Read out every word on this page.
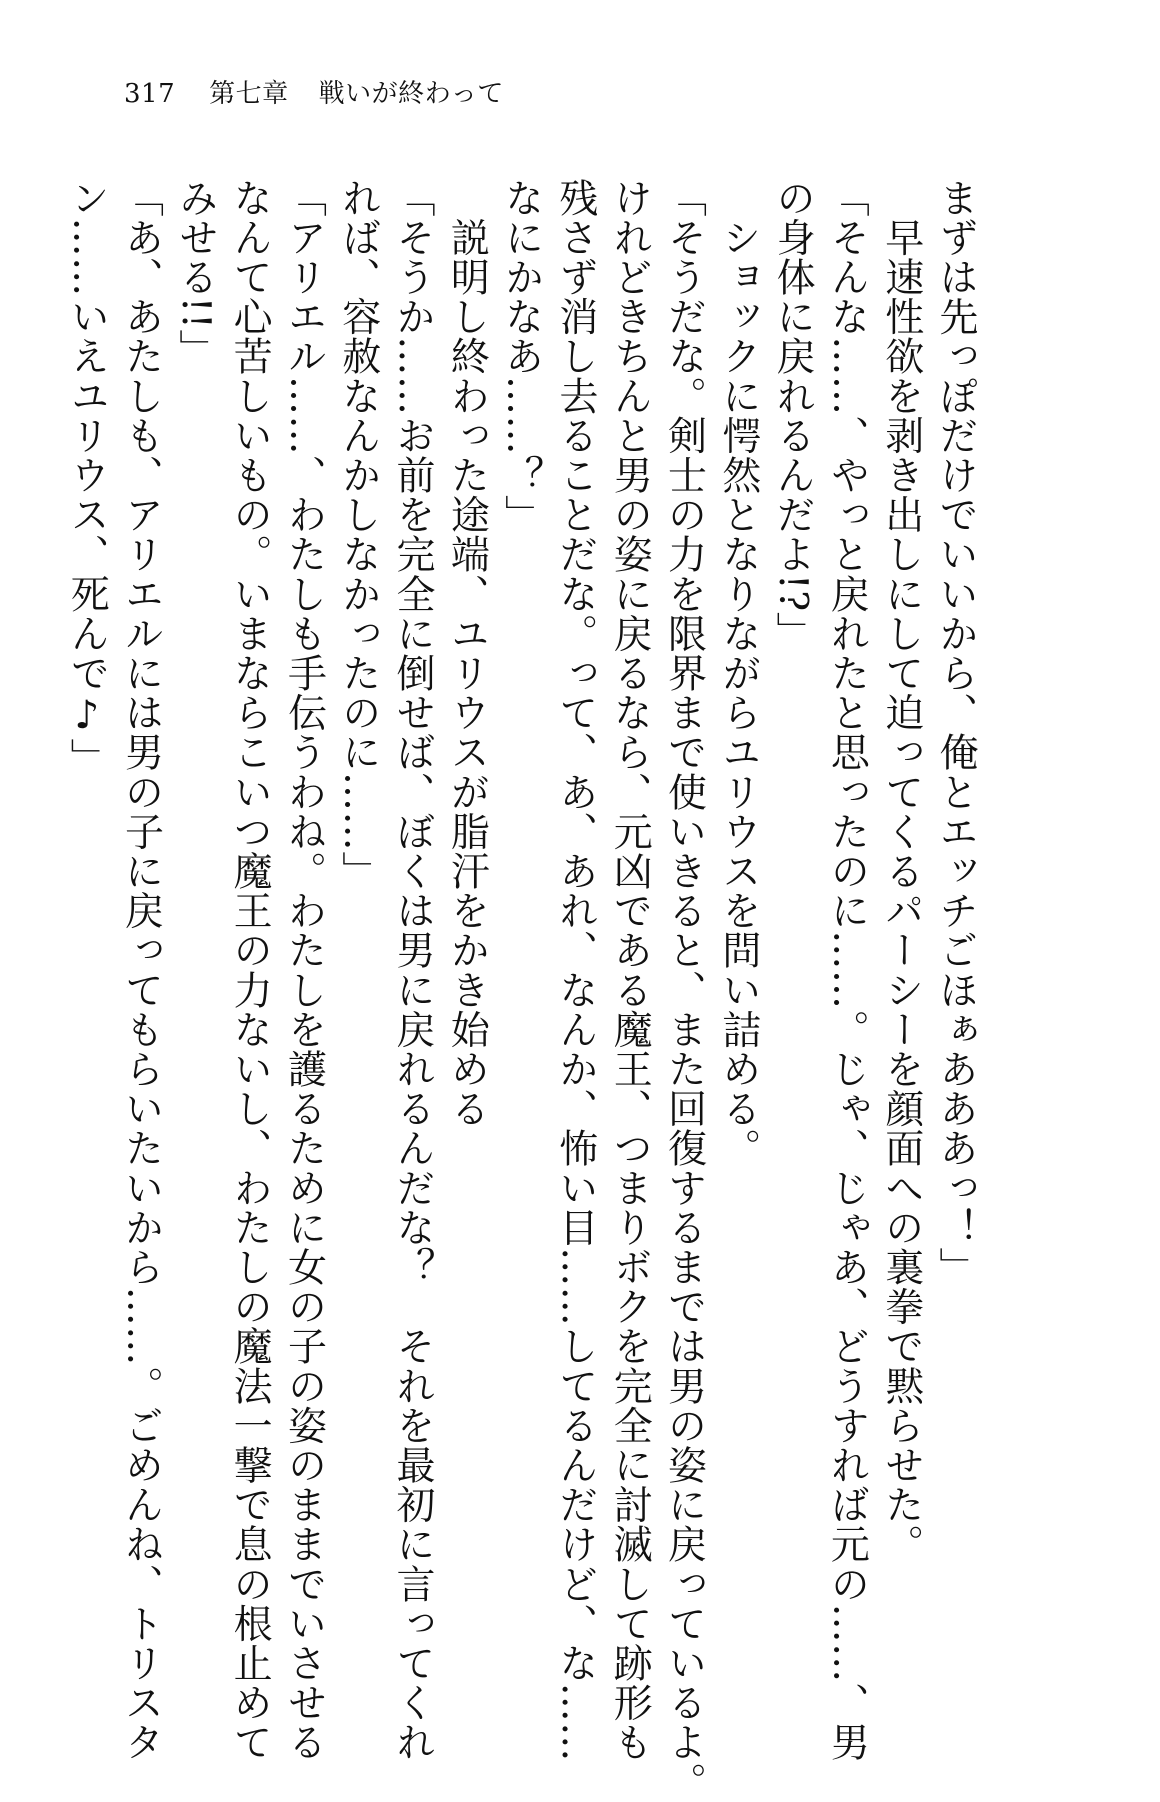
317 第七章 戦いが終わって

まずは先っぽだけでいいから、俺とエッチごほぁあああっ！」

　早速性欲を剥き出しにして迫ってくるパーシーを顔面への裏拳で黙らせた。

「そんな……、やっと戻れたと思ったのに……。じゃ、じゃあ、どうすれば元の……、男

の身体に戻れるんだよ!?」

　ショックに愕然となりながらユリウスを問い詰める。

「そうだな。剣士の力を限界まで使いきると、また回復するまでは男の姿に戻っているよ。

けれどきちんと男の姿に戻るなら、元凶である魔王、つまりボクを完全に討滅して跡形も

残さず消し去ることだな。って、あ、あれ、なんか、怖い目……してるんだけど、な……

なにかなあ……？」

　説明し終わった途端、ユリウスが脂汗をかき始める

「そうか……お前を完全に倒せば、ぼくは男に戻れるんだな？　それを最初に言ってくれ

れば、容赦なんかしなかったのに……」

「アリエル……、わたしも手伝うわね。わたしを護るために女の子の姿のままでいさせる

なんて心苦しいもの。いまならこいつ魔王の力ないし、わたしの魔法一撃で息の根止めて

みせる!!」

「あ、あたしも、アリエルには男の子に戻ってもらいたいから……。ごめんね、トリスタ

ン……いえユリウス、死んで♪」
